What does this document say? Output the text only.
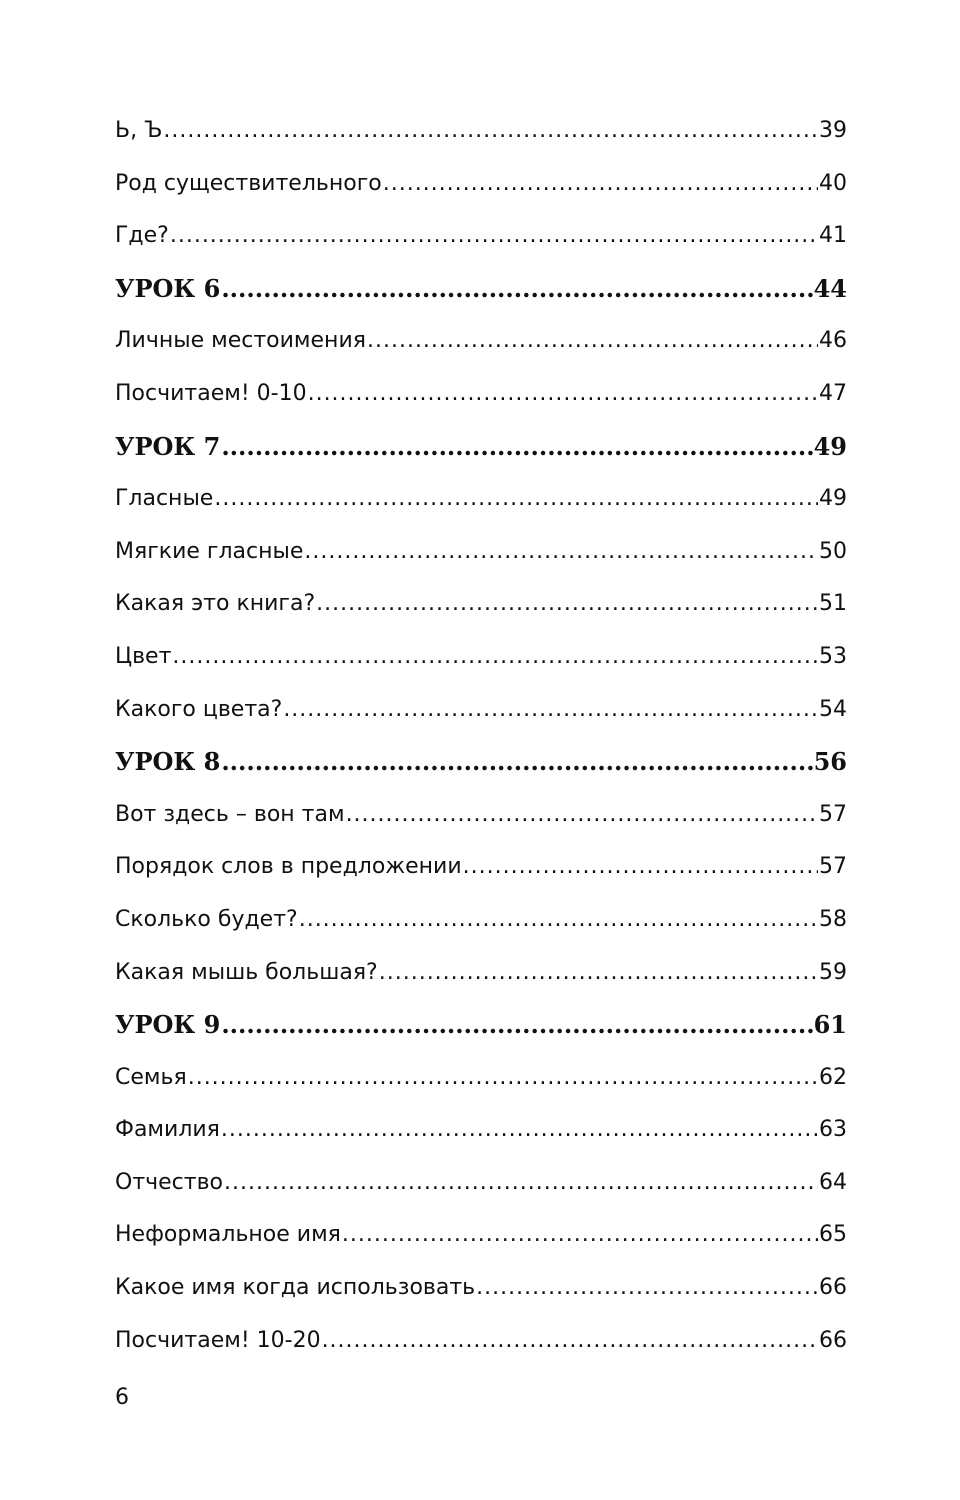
Ь, Ъ .....	39
Род существительного .....	40
Где? .....	41
УРОК 6 .....	44
Личные местоимения .....	46
Посчитаем! 0-10 .....	47
УРОК 7 .....	49
Гласные .....	49
Мягкие гласные .....	50
Какая это книга? .....	51
Цвет .....	53
Какого цвета? .....	54
УРОК 8 .....	56
Вот здесь – вон там .....	57
Порядок слов в предложении .....	57
Сколько будет? .....	58
Какая мышь большая? .....	59
УРОК 9 .....	61
Семья .....	62
Фамилия .....	63
Отчество .....	64
Неформальное имя .....	65
Какое имя когда использовать .....	66
Посчитаем! 10-20 .....	66
6
